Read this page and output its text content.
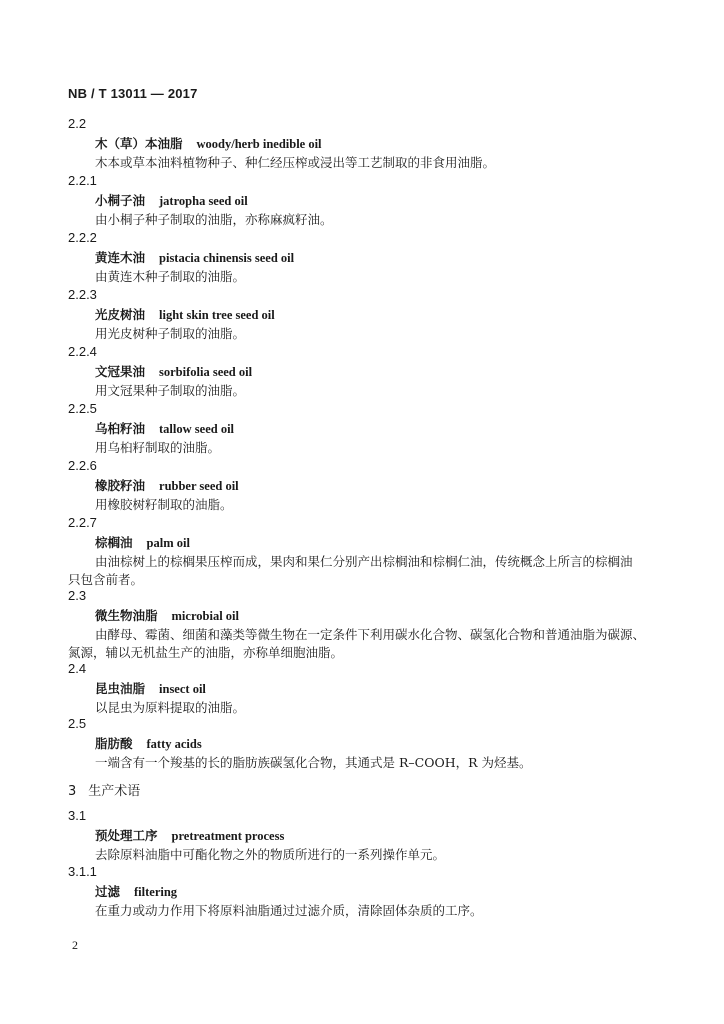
NB / T 13011 — 2017
2.2
木（草）本油脂 woody/herb inedible oil
木本或草本油料植物种子、种仁经压榨或浸出等工艺制取的非食用油脂。
2.2.1
小桐子油 jatropha seed oil
由小桐子种子制取的油脂，亦称麻疯籽油。
2.2.2
黄连木油 pistacia chinensis seed oil
由黄连木种子制取的油脂。
2.2.3
光皮树油 light skin tree seed oil
用光皮树种子制取的油脂。
2.2.4
文冠果油 sorbifolia seed oil
用文冠果种子制取的油脂。
2.2.5
乌桕籽油 tallow seed oil
用乌桕籽制取的油脂。
2.2.6
橡胶籽油 rubber seed oil
用橡胶树籽制取的油脂。
2.2.7
棕榈油 palm oil
由油棕树上的棕榈果压榨而成，果肉和果仁分别产出棕榈油和棕榈仁油，传统概念上所言的棕榈油
只包含前者。
2.3
微生物油脂 microbial oil
由酵母、霉菌、细菌和藻类等微生物在一定条件下利用碳水化合物、碳氢化合物和普通油脂为碳源、
氮源，辅以无机盐生产的油脂，亦称单细胞油脂。
2.4
昆虫油脂 insect oil
以昆虫为原料提取的油脂。
2.5
脂肪酸 fatty acids
一端含有一个羧基的长的脂肪族碳氢化合物，其通式是 R–COOH，R 为烃基。
3 生产术语
3.1
预处理工序 pretreatment process
去除原料油脂中可酯化物之外的物质所进行的一系列操作单元。
3.1.1
过滤 filtering
在重力或动力作用下将原料油脂通过过滤介质，清除固体杂质的工序。
2
